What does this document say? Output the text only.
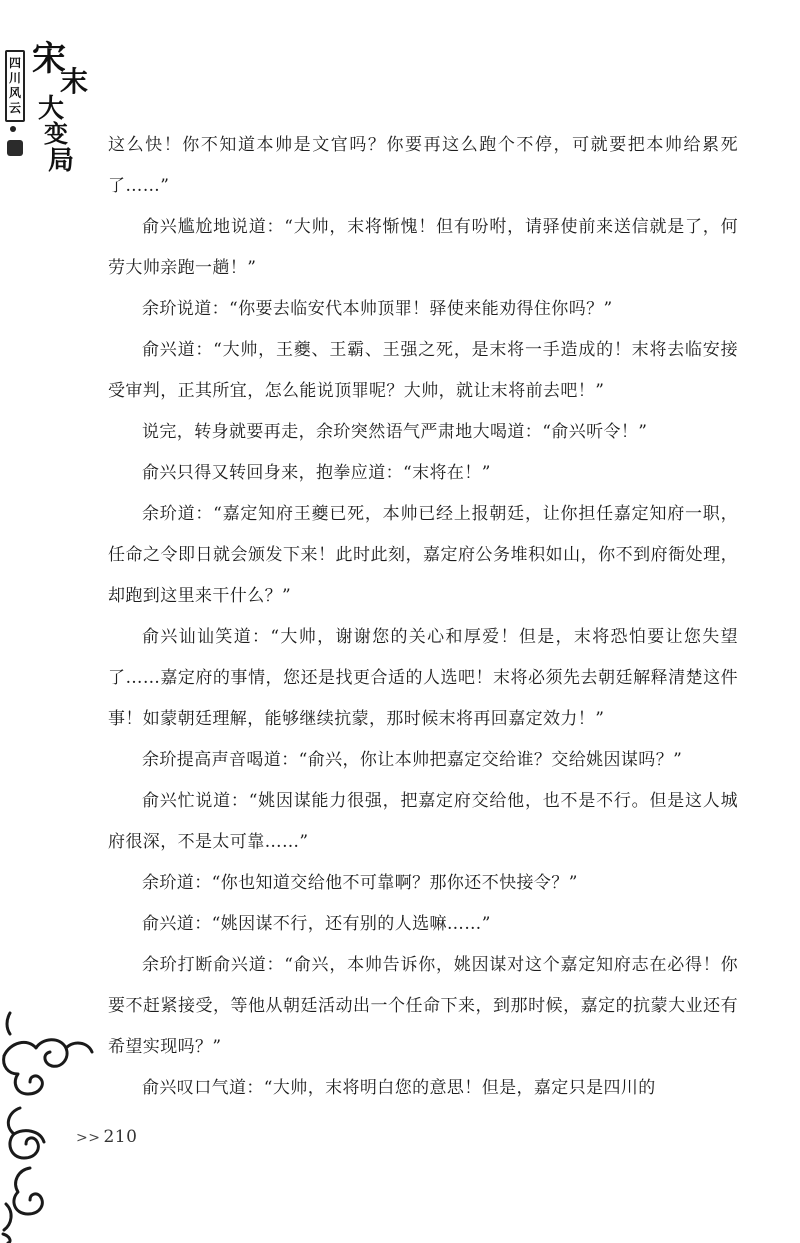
四
川
风
云
宋
末
大
变
局

这么快！你不知道本帅是文官吗？你要再这么跑个不停，可就要把本帅给累死了……”

俞兴尴尬地说道：“大帅，末将惭愧！但有吩咐，请驿使前来送信就是了，何劳大帅亲跑一趟！”

余玠说道：“你要去临安代本帅顶罪！驿使来能劝得住你吗？”

俞兴道：“大帅，王夔、王霸、王强之死，是末将一手造成的！末将去临安接受审判，正其所宜，怎么能说顶罪呢？大帅，就让末将前去吧！”

说完，转身就要再走，余玠突然语气严肃地大喝道：“俞兴听令！”

俞兴只得又转回身来，抱拳应道：“末将在！”

余玠道：“嘉定知府王夔已死，本帅已经上报朝廷，让你担任嘉定知府一职，任命之令即日就会颁发下来！此时此刻，嘉定府公务堆积如山，你不到府衙处理，却跑到这里来干什么？”

俞兴讪讪笑道：“大帅，谢谢您的关心和厚爱！但是，末将恐怕要让您失望了……嘉定府的事情，您还是找更合适的人选吧！末将必须先去朝廷解释清楚这件事！如蒙朝廷理解，能够继续抗蒙，那时候末将再回嘉定效力！”

余玠提高声音喝道：“俞兴，你让本帅把嘉定交给谁？交给姚因谋吗？”

俞兴忙说道：“姚因谋能力很强，把嘉定府交给他，也不是不行。但是这人城府很深，不是太可靠……”

余玠道：“你也知道交给他不可靠啊？那你还不快接令？”

俞兴道：“姚因谋不行，还有别的人选嘛……”

余玠打断俞兴道：“俞兴，本帅告诉你，姚因谋对这个嘉定知府志在必得！你要不赶紧接受，等他从朝廷活动出一个任命下来，到那时候，嘉定的抗蒙大业还有希望实现吗？”

俞兴叹口气道：“大帅，末将明白您的意思！但是，嘉定只是四川的

>> 210
